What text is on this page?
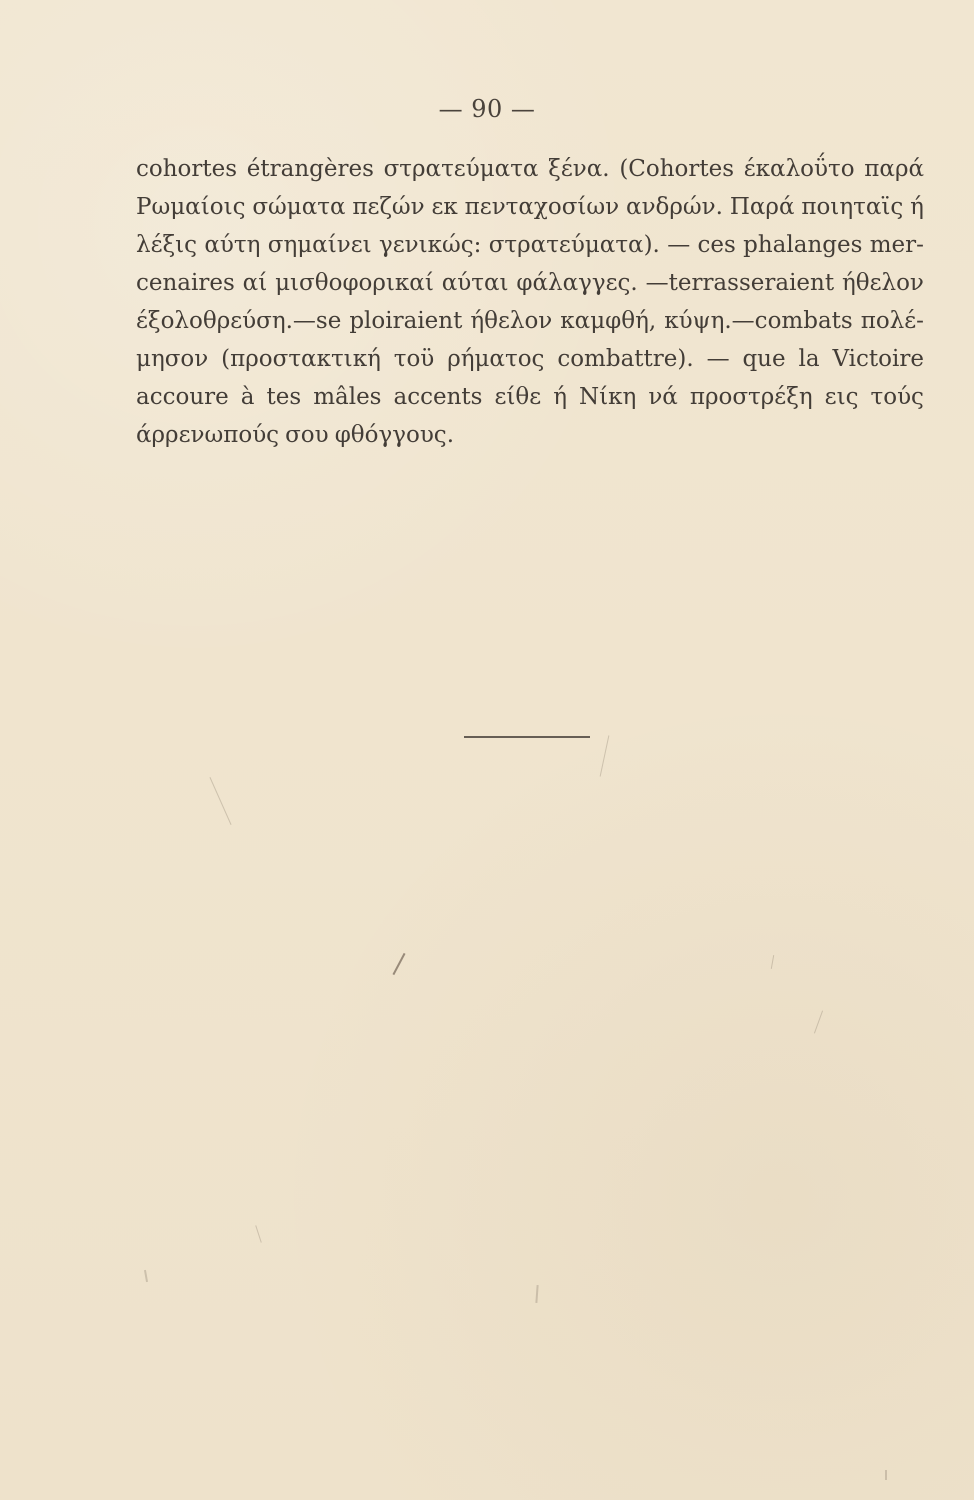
— 90 —
cohortes étrangères στρατεύματα ξένα. (Cohortes έκαλοΰτο παρά
Ρωμαίοις σώματα πεζών εκ πενταχοσίων ανδρών. Παρά ποιηταϊς ή
λέξις αύτη σημαίνει γενικώς: στρατεύματα). — ces phalanges mer-
cenaires αί μισθοφορικαί αύται φάλαγγες. —terrasseraient ήθελον
έξολοθρεύση.—se ploiraient ήθελον καμφθή, κύψη.—combats πολέ-
μησον (προστακτική τοϋ ρήματος combattre). — que la Victoire
accoure à tes mâles accents είθε ή Νίκη νά προστρέξη εις τούς
άρρενωπούς σου φθόγγους.
